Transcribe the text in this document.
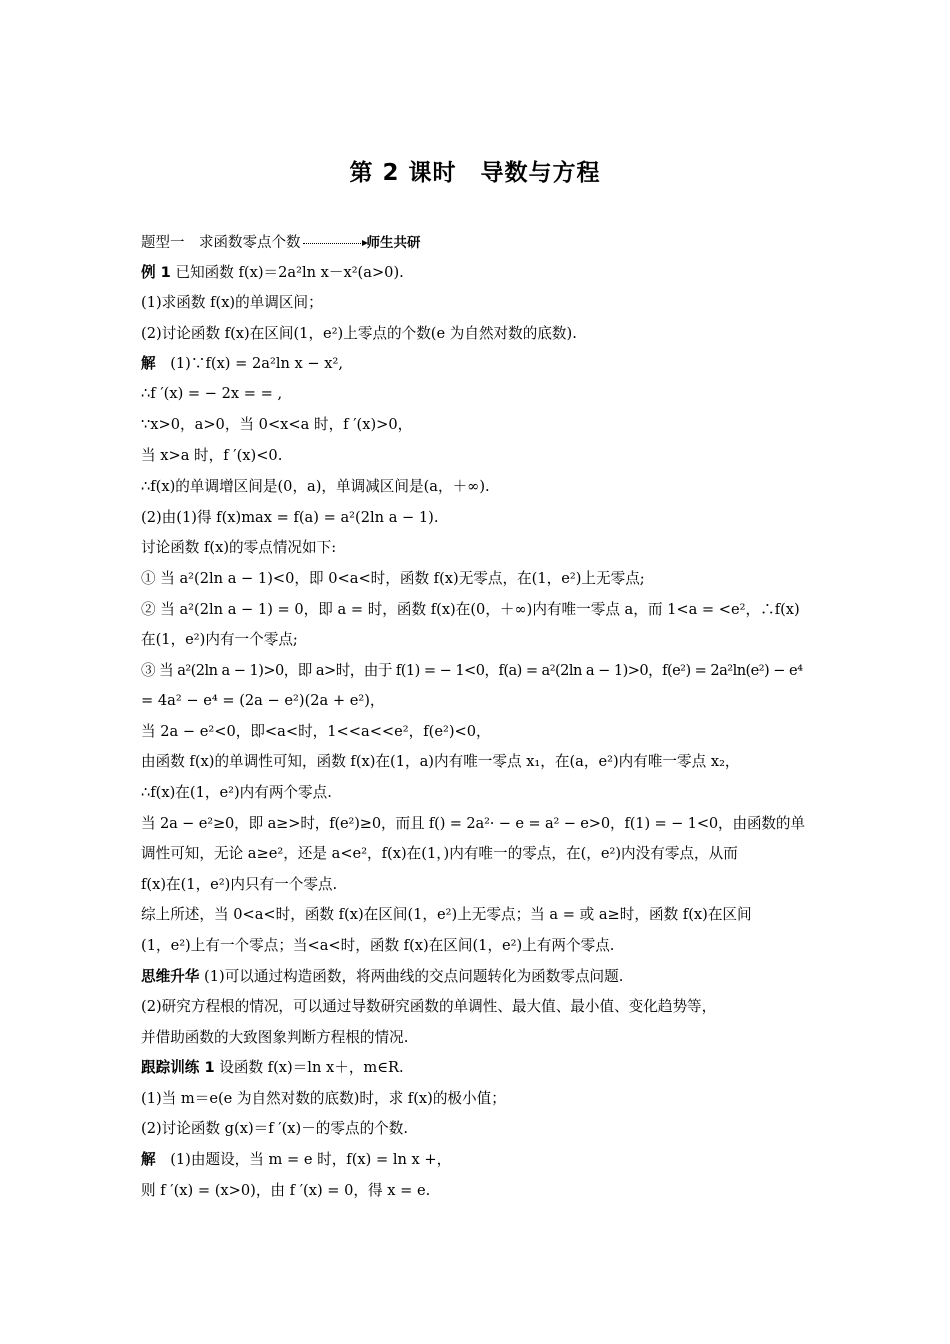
第 2 课时　导数与方程
题型一　求函数零点个数	师生共研
例 1 已知函数 f(x)＝2a²ln x－x²(a>0).
(1)求函数 f(x)的单调区间；
(2)讨论函数 f(x)在区间(1，e²)上零点的个数(e 为自然对数的底数).
解　(1)∵f(x) = 2a²ln x − x²,
∴f ′(x) = − 2x = = ,
∵x>0，a>0，当 0<x<a 时，f ′(x)>0，
当 x>a 时，f ′(x)<0.
∴f(x)的单调增区间是(0，a)，单调减区间是(a，＋∞).
(2)由(1)得 f(x)max = f(a) = a²(2ln a − 1).
讨论函数 f(x)的零点情况如下:
① 当 a²(2ln a − 1)<0，即 0<a<时，函数 f(x)无零点，在(1，e²)上无零点;
② 当 a²(2ln a − 1) = 0，即 a = 时，函数 f(x)在(0，＋∞)内有唯一零点 a，而 1<a = <e²，∴f(x)
在(1，e²)内有一个零点;
③ 当 a²(2ln a − 1)>0，即 a>时，由于 f(1) = − 1<0，f(a) = a²(2ln a − 1)>0，f(e²) = 2a²ln(e²) − e⁴
= 4a² − e⁴ = (2a − e²)(2a + e²)，
当 2a − e²<0，即<a<时，1<<a<<e²，f(e²)<0，
由函数 f(x)的单调性可知，函数 f(x)在(1，a)内有唯一零点 x₁，在(a，e²)内有唯一零点 x₂，
∴f(x)在(1，e²)内有两个零点.
当 2a − e²≥0，即 a≥>时，f(e²)≥0，而且 f() = 2a²· − e = a² − e>0，f(1) = − 1<0，由函数的单
调性可知，无论 a≥e²，还是 a<e²，f(x)在(1，)内有唯一的零点，在(，e²)内没有零点，从而
f(x)在(1，e²)内只有一个零点.
综上所述，当 0<a<时，函数 f(x)在区间(1，e²)上无零点；当 a = 或 a≥时，函数 f(x)在区间
(1，e²)上有一个零点；当<a<时，函数 f(x)在区间(1，e²)上有两个零点.
思维升华 (1)可以通过构造函数，将两曲线的交点问题转化为函数零点问题.
(2)研究方程根的情况，可以通过导数研究函数的单调性、最大值、最小值、变化趋势等，
并借助函数的大致图象判断方程根的情况.
跟踪训练 1 设函数 f(x)＝ln x＋，m∈R.
(1)当 m＝e(e 为自然对数的底数)时，求 f(x)的极小值；
(2)讨论函数 g(x)＝f ′(x)－的零点的个数.
解　(1)由题设，当 m = e 时，f(x) = ln x +，
则 f ′(x) = (x>0)，由 f ′(x) = 0，得 x = e.
